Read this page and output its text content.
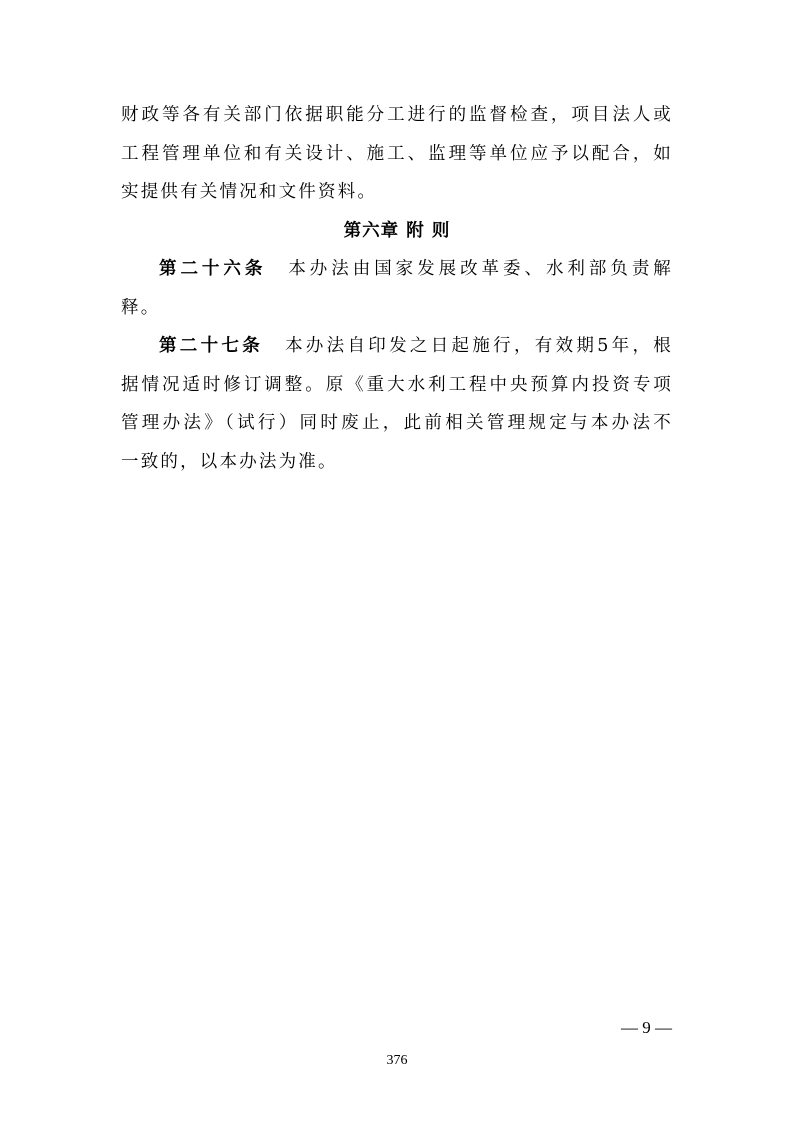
财政等各有关部门依据职能分工进行的监督检查，项目法人或
工程管理单位和有关设计、施工、监理等单位应予以配合，如
实提供有关情况和文件资料。
第六章 附 则
第二十六条 本办法由国家发展改革委、水利部负责解
释。
第二十七条 本办法自印发之日起施行，有效期5年，根
据情况适时修订调整。原《重大水利工程中央预算内投资专项
管理办法》（试行）同时废止，此前相关管理规定与本办法不
一致的，以本办法为准。
— 9 —
376
